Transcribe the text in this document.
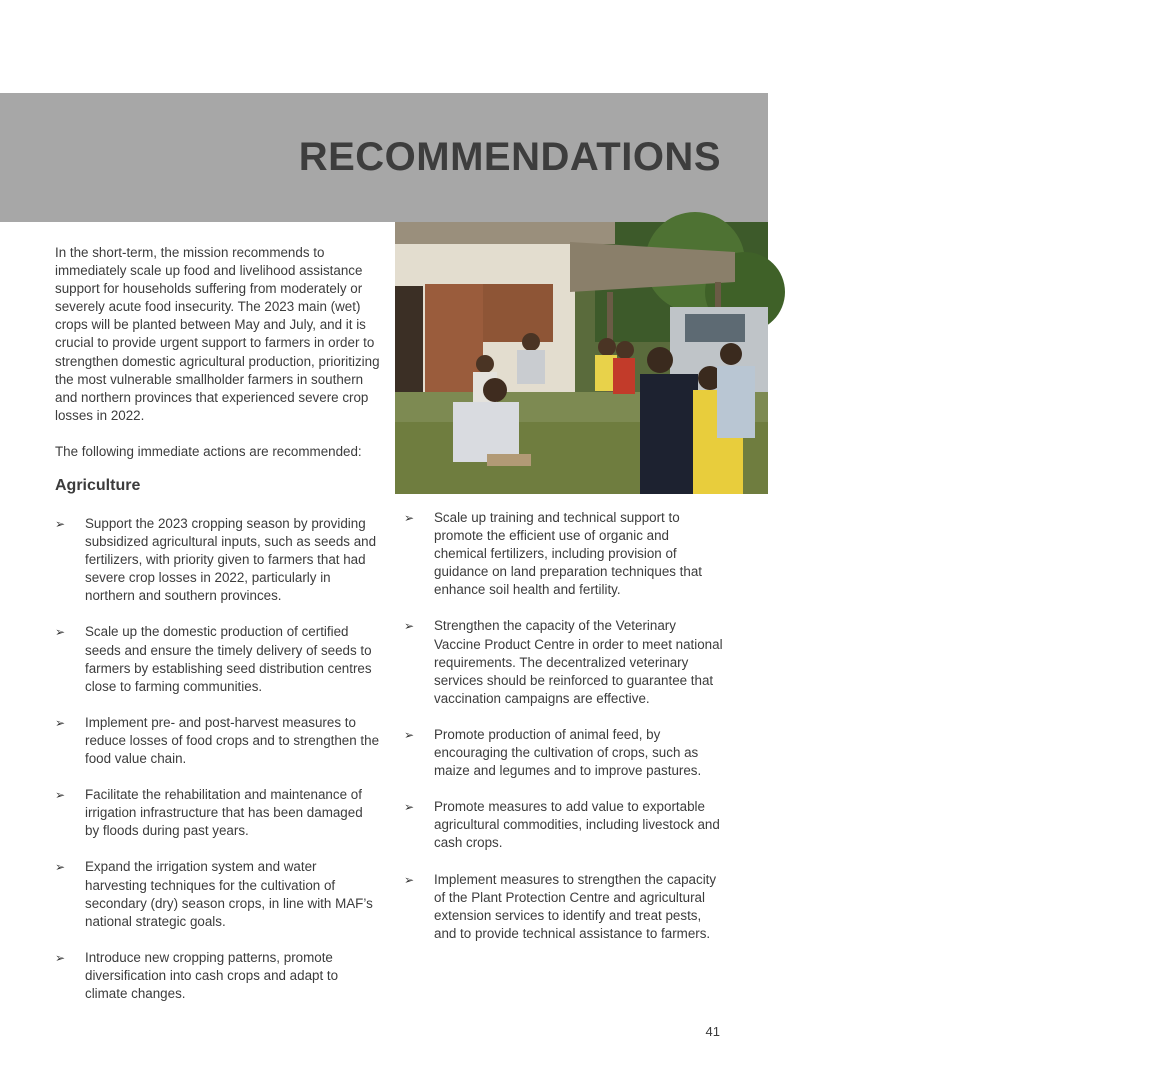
RECOMMENDATIONS

In the short-term, the mission recommends to immediately scale up food and livelihood assistance support for households suffering from moderately or severely acute food insecurity. The 2023 main (wet) crops will be planted between May and July, and it is crucial to provide urgent support to farmers in order to strengthen domestic agricultural production, prioritizing the most vulnerable smallholder farmers in southern and northern provinces that experienced severe crop losses in 2022.

The following immediate actions are recommended:

Agriculture
© FAO/C. Osdid
➢ Support the 2023 cropping season by providing subsidized agricultural inputs, such as seeds and fertilizers, with priority given to farmers that had severe crop losses in 2022, particularly in northern and southern provinces.
➢ Scale up the domestic production of certified seeds and ensure the timely delivery of seeds to farmers by establishing seed distribution centres close to farming communities.
➢ Implement pre- and post-harvest measures to reduce losses of food crops and to strengthen the food value chain.
➢ Facilitate the rehabilitation and maintenance of irrigation infrastructure that has been damaged by floods during past years.
➢ Expand the irrigation system and water harvesting techniques for the cultivation of secondary (dry) season crops, in line with MAF’s national strategic goals.
➢ Introduce new cropping patterns, promote diversification into cash crops and adapt to climate changes.
➢ Scale up training and technical support to promote the efficient use of organic and chemical fertilizers, including provision of guidance on land preparation techniques that enhance soil health and fertility.
➢ Strengthen the capacity of the Veterinary Vaccine Product Centre in order to meet national requirements. The decentralized veterinary services should be reinforced to guarantee that vaccination campaigns are effective.
➢ Promote production of animal feed, by encouraging the cultivation of crops, such as maize and legumes and to improve pastures.
➢ Promote measures to add value to exportable agricultural commodities, including livestock and cash crops.
➢ Implement measures to strengthen the capacity of the Plant Protection Centre and agricultural extension services to identify and treat pests, and to provide technical assistance to farmers.
41
